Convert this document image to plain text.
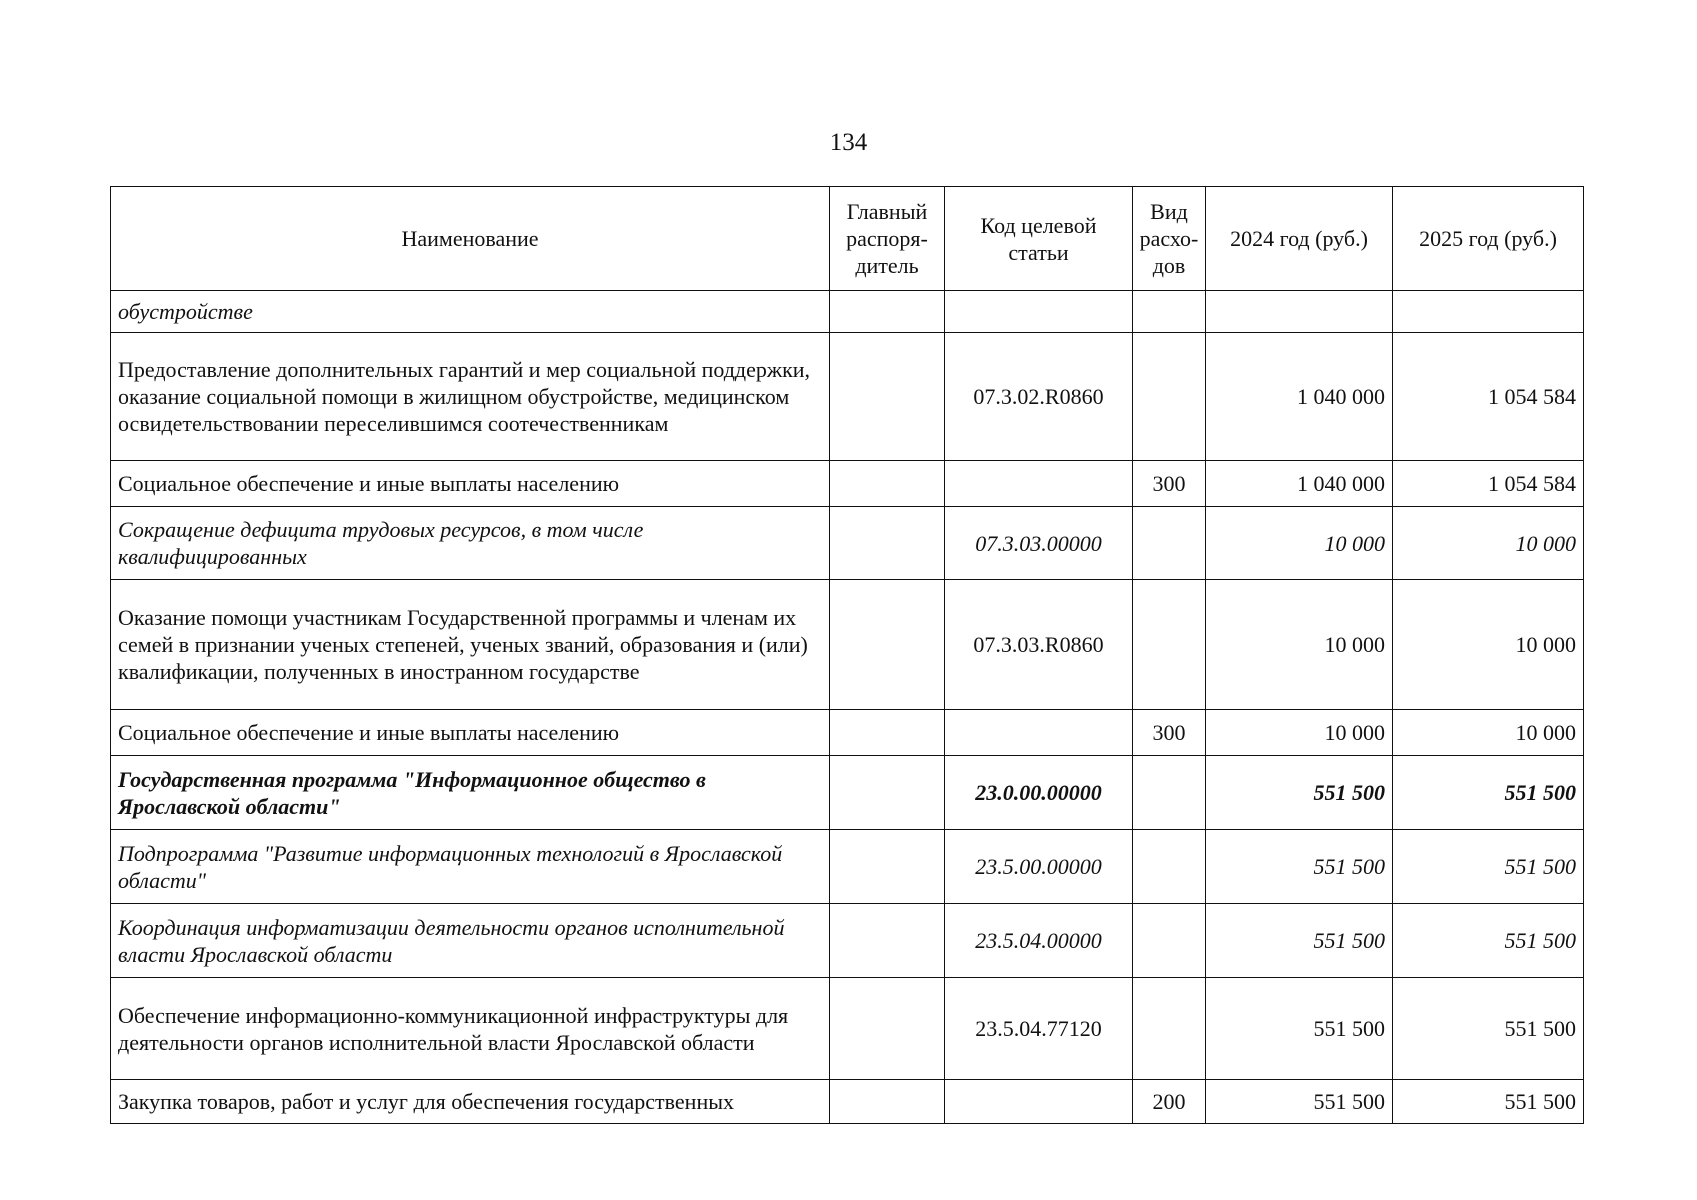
134
Наименование	Главный распоря-дитель	Код целевой статьи	Вид расхо-дов	2024 год (руб.)	2025 год (руб.)
обустройстве					
Предоставление дополнительных гарантий и мер социальной поддержки, оказание социальной помощи в жилищном обустройстве, медицинском освидетельствовании переселившимся соотечественникам		07.3.02.R0860		1 040 000	1 054 584
Социальное обеспечение и иные выплаты населению			300	1 040 000	1 054 584
Сокращение дефицита трудовых ресурсов, в том числе квалифицированных		07.3.03.00000		10 000	10 000
Оказание помощи участникам Государственной программы и членам их семей в признании ученых степеней, ученых званий, образования и (или) квалификации, полученных в иностранном государстве		07.3.03.R0860		10 000	10 000
Социальное обеспечение и иные выплаты населению			300	10 000	10 000
Государственная программа "Информационное общество в Ярославской области"		23.0.00.00000		551 500	551 500
Подпрограмма "Развитие информационных технологий в Ярославской области"		23.5.00.00000		551 500	551 500
Координация информатизации деятельности органов исполнительной власти Ярославской области		23.5.04.00000		551 500	551 500
Обеспечение информационно-коммуникационной инфраструктуры для деятельности органов исполнительной власти Ярославской области		23.5.04.77120		551 500	551 500
Закупка товаров, работ и услуг для обеспечения государственных			200	551 500	551 500
